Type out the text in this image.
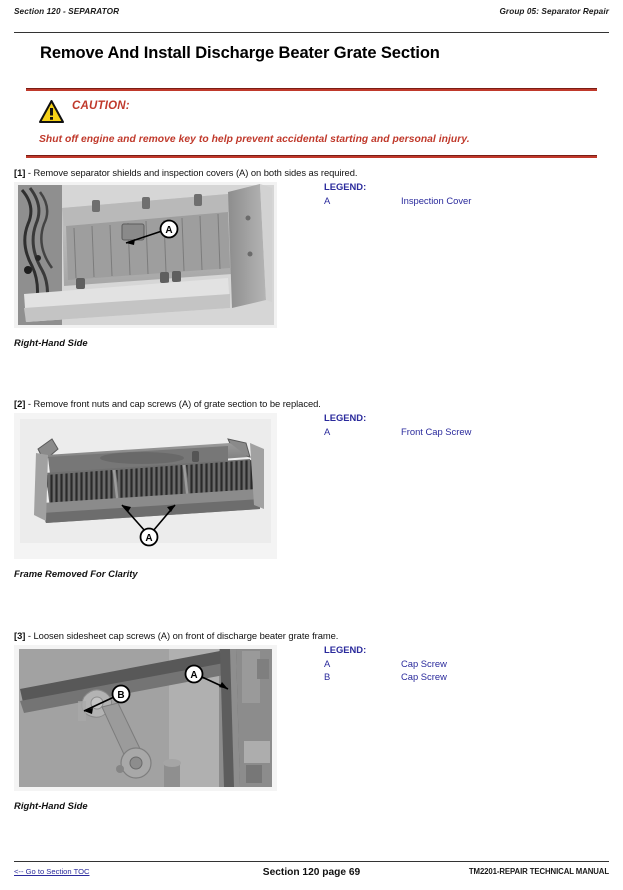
Section 120 - SEPARATOR	Group 05: Separator Repair
Remove And Install Discharge Beater Grate Section
CAUTION:
Shut off engine and remove key to help prevent accidental starting and personal injury.

[1] - Remove separator shields and inspection covers (A) on both sides as required.

A
Right-Hand Side
LEGEND:
A	Inspection Cover

[2] - Remove front nuts and cap screws (A) of grate section to be replaced.

A
Frame Removed For Clarity
LEGEND:
A	Front Cap Screw

[3] - Loosen sidesheet cap screws (A) on front of discharge beater grate frame.

A
B
Right-Hand Side
LEGEND:
A	Cap Screw
B	Cap Screw
<-- Go to Section TOC	Section 120 page 69	TM2201-REPAIR TECHNICAL MANUAL
